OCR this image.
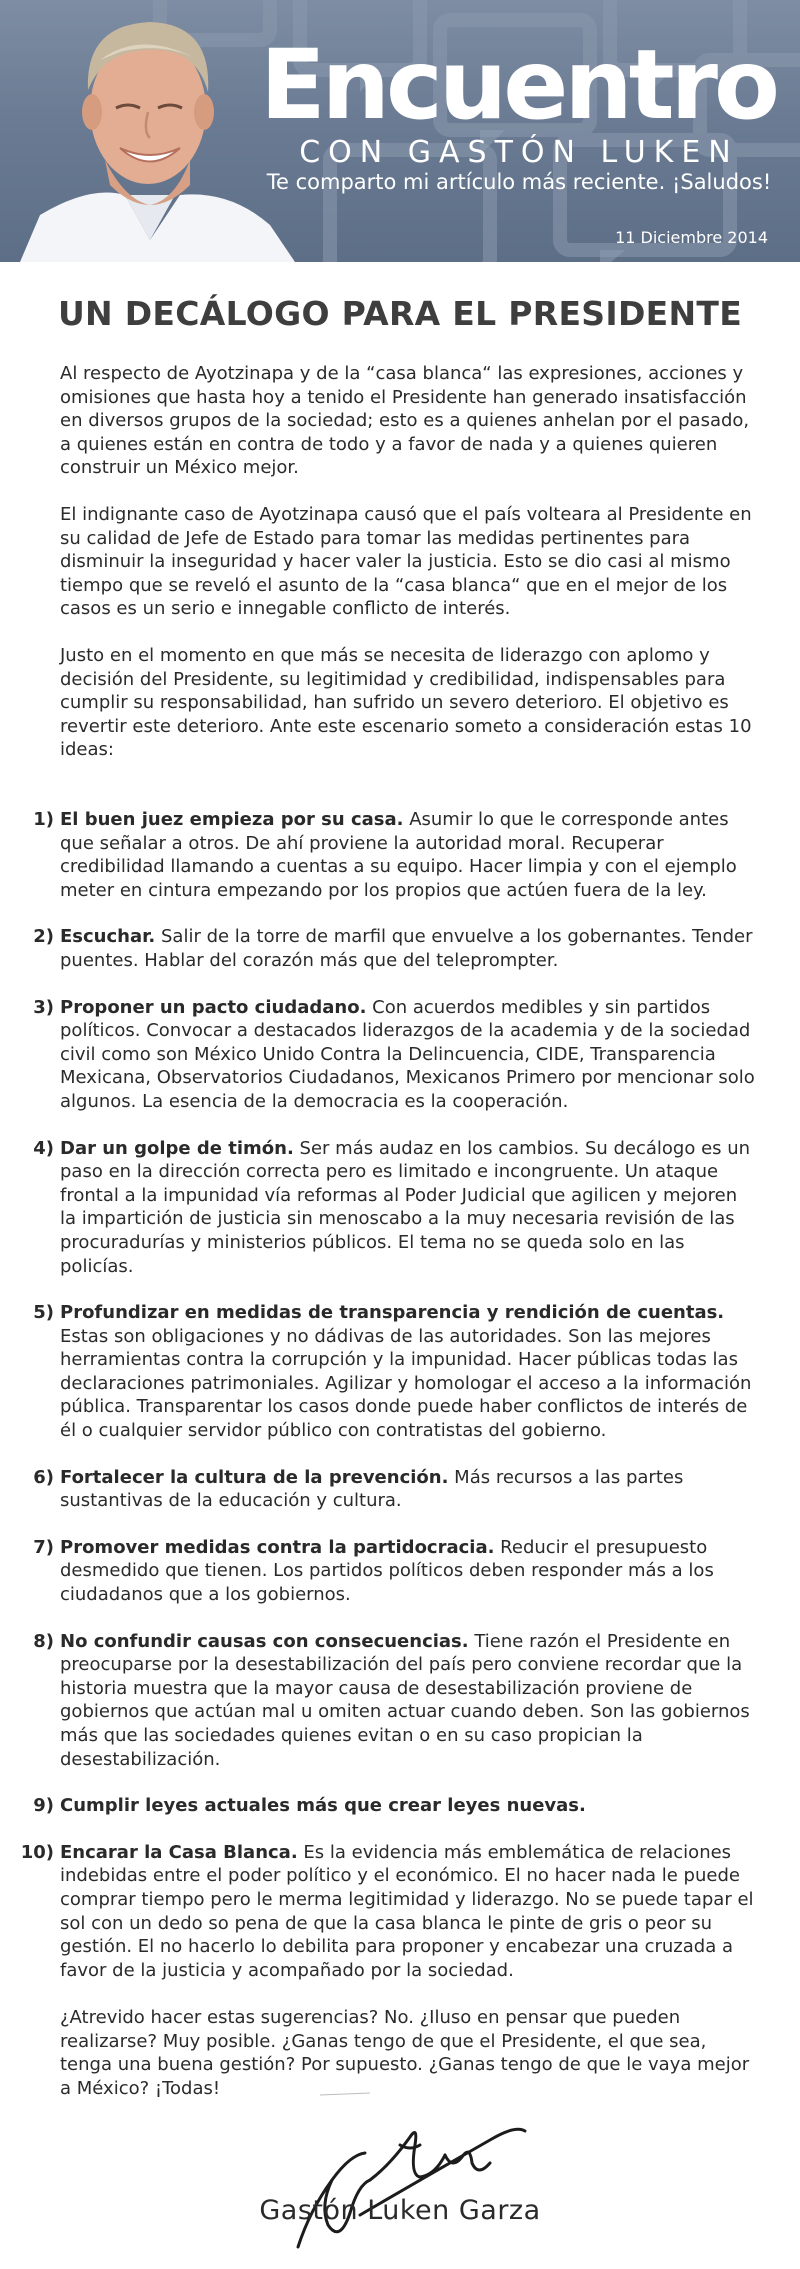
Encuentro
CON GASTÓN LUKEN
Te comparto mi artículo más reciente. ¡Saludos!
11 Diciembre 2014
UN DECÁLOGO PARA EL PRESIDENTE

Al respecto de Ayotzinapa y de la “casa blanca“ las expresiones, acciones y omisiones que hasta hoy a tenido el Presidente han generado insatisfacción en diversos grupos de la sociedad; esto es a quienes anhelan por el pasado, a quienes están en contra de todo y a favor de nada y a quienes quieren construir un México mejor.

El indignante caso de Ayotzinapa causó que el país volteara al Presidente en su calidad de Jefe de Estado para tomar las medidas pertinentes para disminuir la inseguridad y hacer valer la justicia. Esto se dio casi al mismo tiempo que se reveló el asunto de la “casa blanca“ que en el mejor de los casos es un serio e innegable conflicto de interés.

Justo en el momento en que más se necesita de liderazgo con aplomo y decisión del Presidente, su legitimidad y credibilidad, indispensables para cumplir su responsabilidad, han sufrido un severo deterioro. El objetivo es revertir este deterioro. Ante este escenario someto a consideración estas 10 ideas:

1) El buen juez empieza por su casa. Asumir lo que le corresponde antes que señalar a otros. De ahí proviene la autoridad moral. Recuperar credibilidad llamando a cuentas a su equipo. Hacer limpia y con el ejemplo meter en cintura empezando por los propios que actúen fuera de la ley.
2) Escuchar. Salir de la torre de marfil que envuelve a los gobernantes. Tender puentes. Hablar del corazón más que del teleprompter.
3) Proponer un pacto ciudadano. Con acuerdos medibles y sin partidos políticos. Convocar a destacados liderazgos de la academia y de la sociedad civil como son México Unido Contra la Delincuencia, CIDE, Transparencia Mexicana, Observatorios Ciudadanos, Mexicanos Primero por mencionar solo algunos. La esencia de la democracia es la cooperación.
4) Dar un golpe de timón. Ser más audaz en los cambios. Su decálogo es un paso en la dirección correcta pero es limitado e incongruente. Un ataque frontal a la impunidad vía reformas al Poder Judicial que agilicen y mejoren la impartición de justicia sin menoscabo a la muy necesaria revisión de las procuradurías y ministerios públicos. El tema no se queda solo en las policías.
5) Profundizar en medidas de transparencia y rendición de cuentas. Estas son obligaciones y no dádivas de las autoridades. Son las mejores herramientas contra la corrupción y la impunidad. Hacer públicas todas las declaraciones patrimoniales. Agilizar y homologar el acceso a la información pública. Transparentar los casos donde puede haber conflictos de interés de él o cualquier servidor público con contratistas del gobierno.
6) Fortalecer la cultura de la prevención. Más recursos a las partes sustantivas de la educación y cultura.
7) Promover medidas contra la partidocracia. Reducir el presupuesto desmedido que tienen. Los partidos políticos deben responder más a los ciudadanos que a los gobiernos.
8) No confundir causas con consecuencias. Tiene razón el Presidente en preocuparse por la desestabilización del país pero conviene recordar que la historia muestra que la mayor causa de desestabilización proviene de gobiernos que actúan mal u omiten actuar cuando deben. Son las gobiernos más que las sociedades quienes evitan o en su caso propician la desestabilización.
9) Cumplir leyes actuales más que crear leyes nuevas.
10) Encarar la Casa Blanca. Es la evidencia más emblemática de relaciones indebidas entre el poder político y el económico. El no hacer nada le puede comprar tiempo pero le merma legitimidad y liderazgo. No se puede tapar el sol con un dedo so pena de que la casa blanca le pinte de gris o peor su gestión. El no hacerlo lo debilita para proponer y encabezar una cruzada a favor de la justicia y acompañado por la sociedad.

¿Atrevido hacer estas sugerencias? No. ¿Iluso en pensar que pueden realizarse? Muy posible. ¿Ganas tengo de que el Presidente, el que sea, tenga una buena gestión? Por supuesto. ¿Ganas tengo de que le vaya mejor a México? ¡Todas!

Gastón Luken Garza
